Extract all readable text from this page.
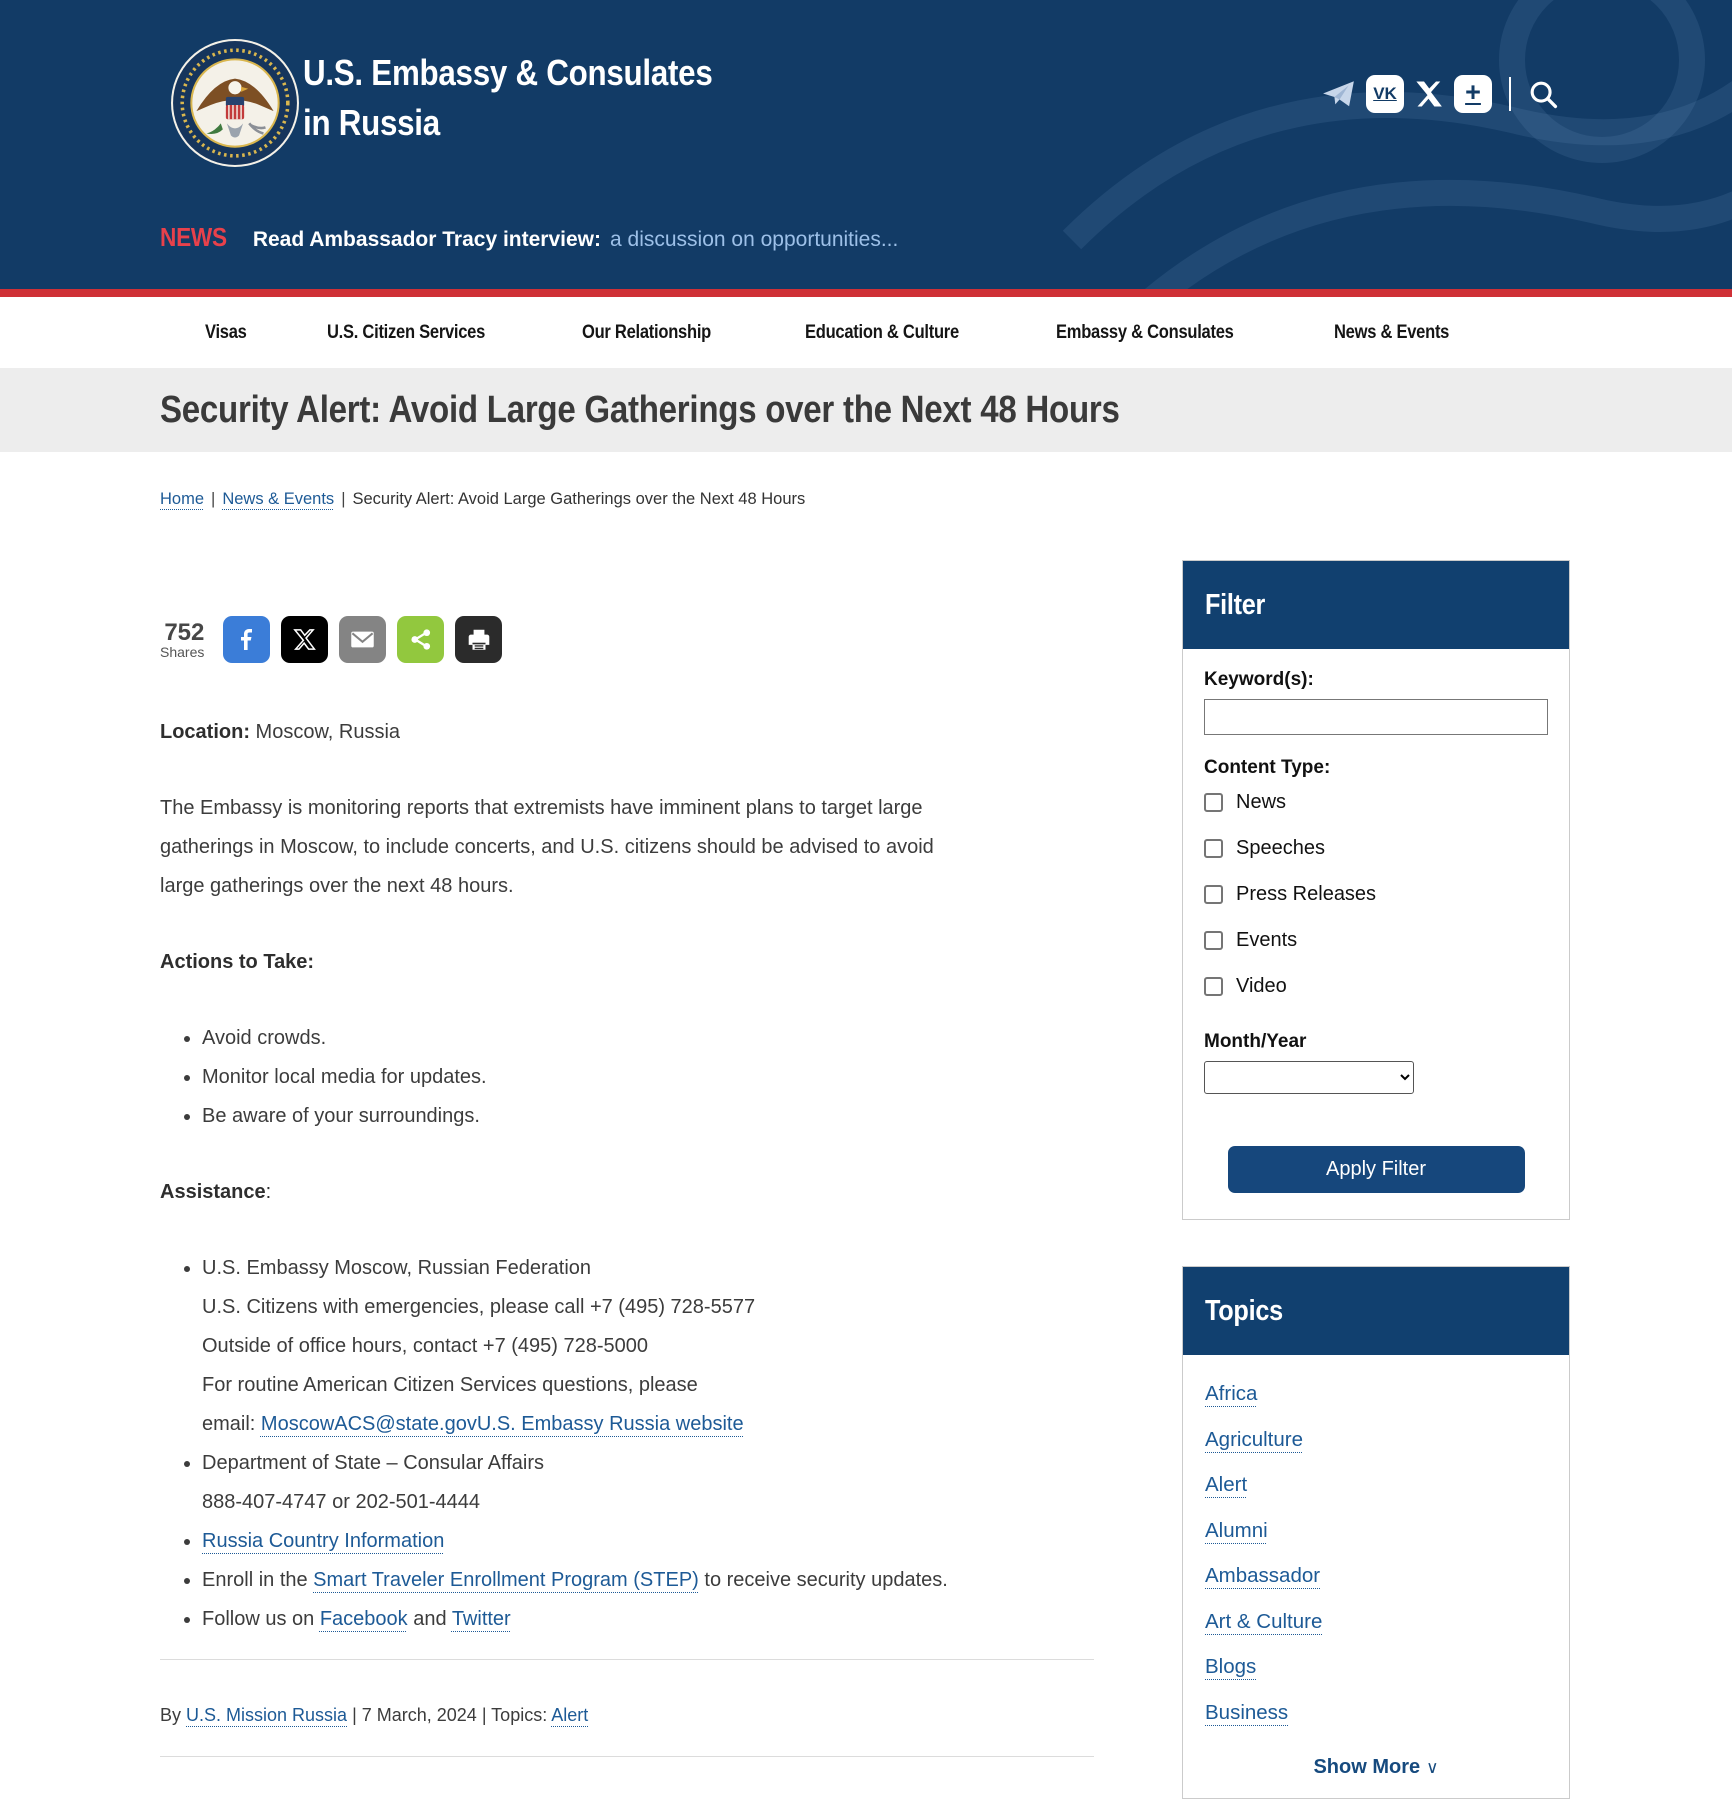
U.S. Embassy & Consulates
in Russia
VK	+
NEWS Read Ambassador Tracy interview: a discussion on opportunities...
Visas	U.S. Citizen Services	Our Relationship	Education & Culture	Embassy & Consulates	News & Events
Security Alert: Avoid Large Gatherings over the Next 48 Hours
Home | News & Events | Security Alert: Avoid Large Gatherings over the Next 48 Hours
752
Shares

Location: Moscow, Russia

The Embassy is monitoring reports that extremists have imminent plans to target large gatherings in Moscow, to include concerts, and U.S. citizens should be advised to avoid large gatherings over the next 48 hours.

Actions to Take:

• Avoid crowds.
• Monitor local media for updates.
• Be aware of your surroundings.

Assistance:

• U.S. Embassy Moscow, Russian Federation
U.S. Citizens with emergencies, please call +7 (495) 728-5577
Outside of office hours, contact +7 (495) 728-5000
For routine American Citizen Services questions, please
email: MoscowACS@state.govU.S. Embassy Russia website
• Department of State – Consular Affairs
888-407-4747 or 202-501-4444
• Russia Country Information
• Enroll in the Smart Traveler Enrollment Program (STEP) to receive security updates.
• Follow us on Facebook and Twitter
By U.S. Mission Russia | 7 March, 2024 | Topics: Alert
Filter
Keyword(s):
Content Type:
News
Speeches
Press Releases
Events
Video
Month/Year
Apply Filter
Topics
Africa
Agriculture
Alert
Alumni
Ambassador
Art & Culture
Blogs
Business
Show More ∨
